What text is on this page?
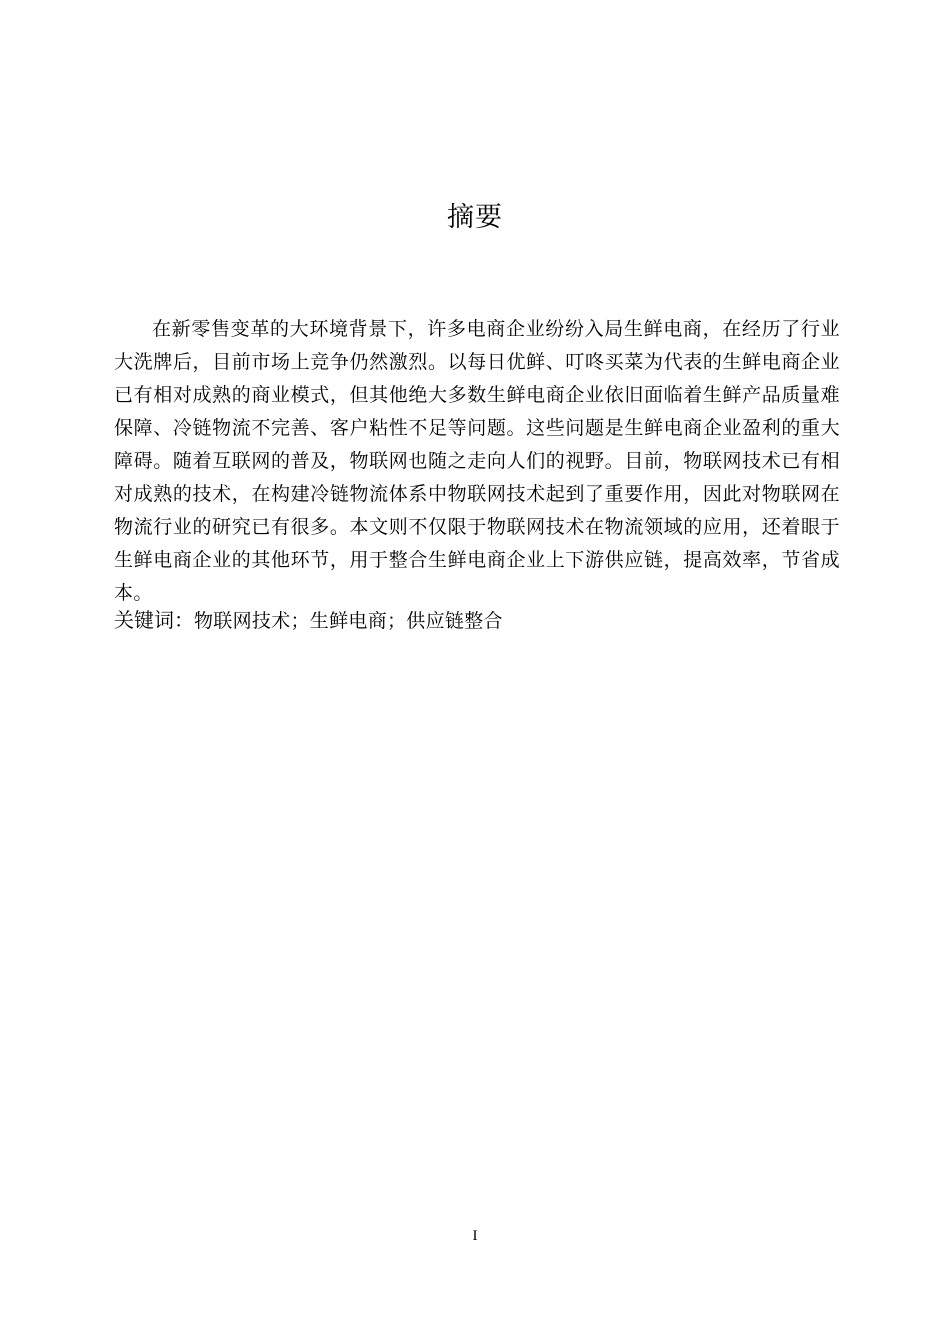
摘要

在新零售变革的大环境背景下，许多电商企业纷纷入局生鲜电商，在经历了行业大洗牌后，目前市场上竞争仍然激烈。以每日优鲜、叮咚买菜为代表的生鲜电商企业已有相对成熟的商业模式，但其他绝大多数生鲜电商企业依旧面临着生鲜产品质量难保障、冷链物流不完善、客户粘性不足等问题。这些问题是生鲜电商企业盈利的重大障碍。随着互联网的普及，物联网也随之走向人们的视野。目前，物联网技术已有相对成熟的技术，在构建冷链物流体系中物联网技术起到了重要作用，因此对物联网在物流行业的研究已有很多。本文则不仅限于物联网技术在物流领域的应用，还着眼于生鲜电商企业的其他环节，用于整合生鲜电商企业上下游供应链，提高效率，节省成本。

关键词：物联网技术；生鲜电商；供应链整合
I
